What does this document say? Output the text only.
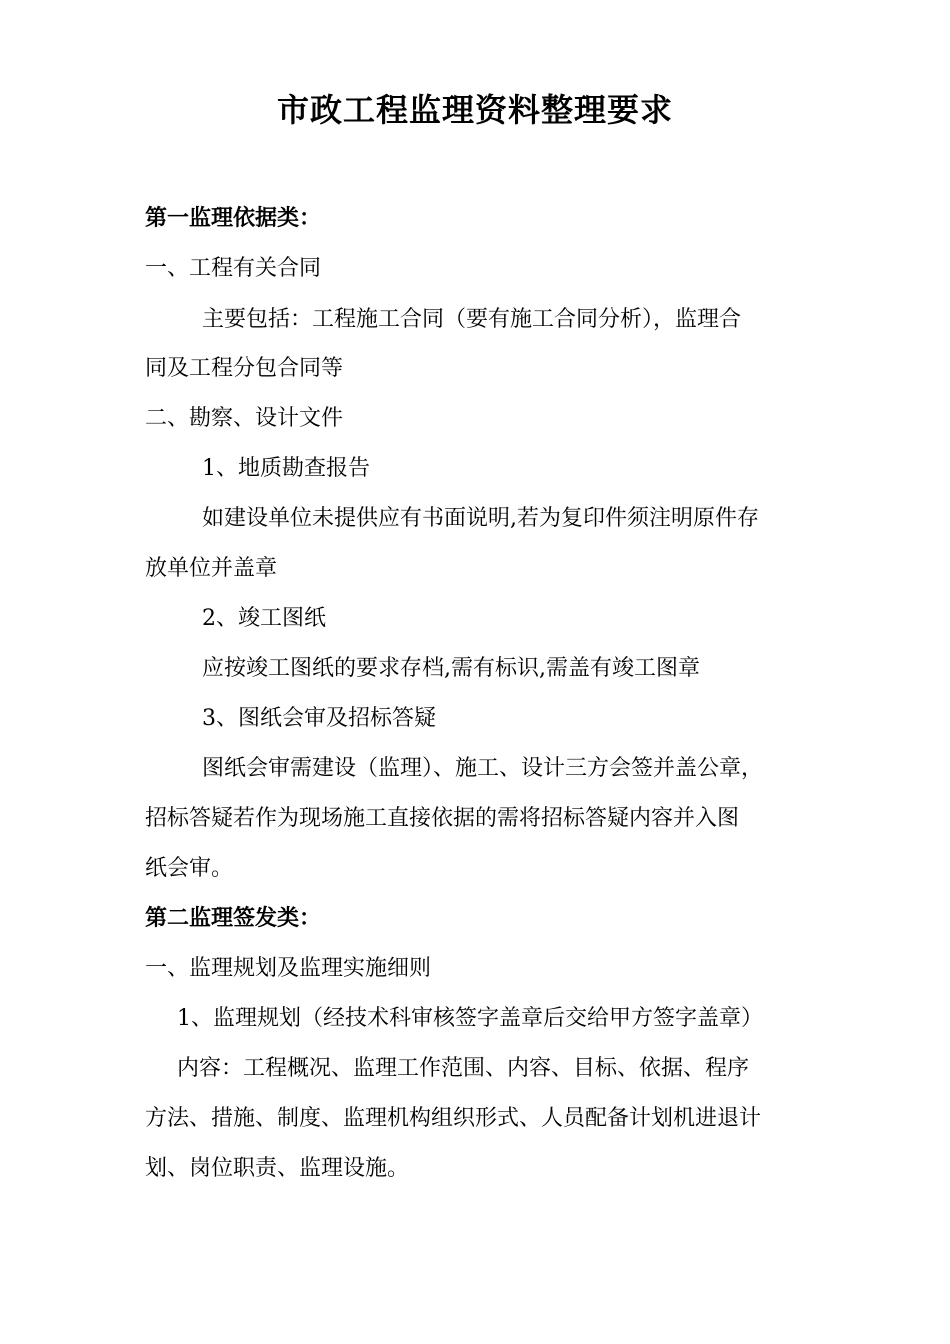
市政工程监理资料整理要求

第一监理依据类：

一、工程有关合同

主要包括：工程施工合同（要有施工合同分析），监理合

同及工程分包合同等

二、勘察、设计文件

1、地质勘查报告

如建设单位未提供应有书面说明,若为复印件须注明原件存

放单位并盖章

2、竣工图纸

应按竣工图纸的要求存档,需有标识,需盖有竣工图章

3、图纸会审及招标答疑

图纸会审需建设（监理）、施工、设计三方会签并盖公章，

招标答疑若作为现场施工直接依据的需将招标答疑内容并入图

纸会审。

第二监理签发类：

一、监理规划及监理实施细则

1、监理规划（经技术科审核签字盖章后交给甲方签字盖章）

内容：工程概况、监理工作范围、内容、目标、依据、程序

方法、措施、制度、监理机构组织形式、人员配备计划机进退计

划、岗位职责、监理设施。
